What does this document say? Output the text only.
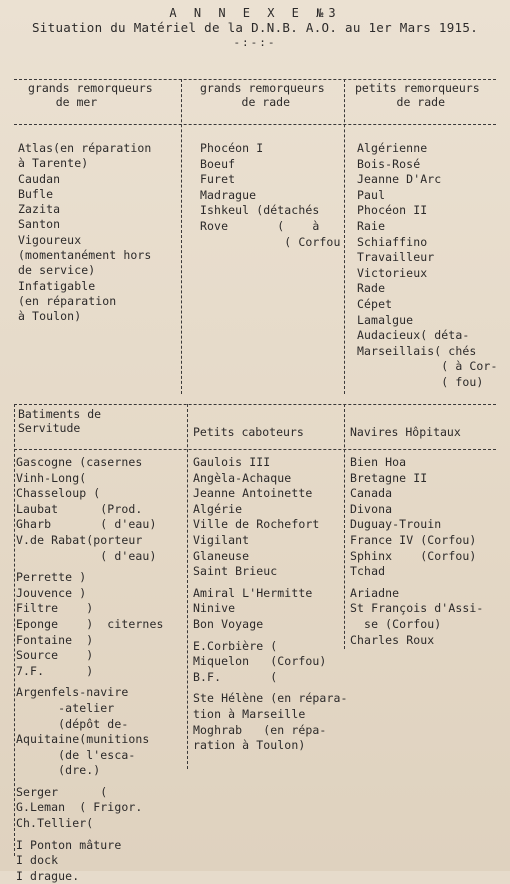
A N N E X E №3
Situation du Matériel de la D.N.B. A.O. au 1er Mars 1915.
-:-:-
grands remorqueurs
de mer
grands remorqueurs
de rade
petits remorqueurs
de rade
Atlas(en réparation
à Tarente)
Caudan
Bufle
Zazita
Santon
Vigoureux
(momentanément hors
de service)
Infatigable
(en réparation
à Toulon)
Phocéon I
Boeuf
Furet
Madrague
Ishkeul (détachés
Rove       (    à
( Corfou
Algérienne
Bois-Rosé
Jeanne D'Arc
Paul
Phocéon II
Raie
Schiaffino
Travailleur
Victorieux
Rade
Cépet
Lamalgue
Audacieux( déta-
Marseillais( chés
( à Cor-
( fou)
Batiments de
Servitude	Petits caboteurs	Navires Hôpitaux
Gascogne (casernes
Vinh-Long(
Chasseloup (
Laubat      (Prod.
Gharb       ( d'eau)
V.de Rabat(porteur
( d'eau)
Perrette )
Jouvence )
Filtre    )
Eponge    )  citernes
Fontaine  )
Source    )
7.F.      )
Argenfels-navire
-atelier
(dépôt de-
Aquitaine(munitions
(de l'esca-
(dre.)
Serger      (
G.Leman  ( Frigor.
Ch.Tellier(
I Ponton mâture
I dock
I drague.
Gaulois III
Angèla-Achaque
Jeanne Antoinette
Algérie
Ville de Rochefort
Vigilant
Glaneuse
Saint Brieuc
Amiral L'Hermitte
Ninive
Bon Voyage
E.Corbière (
Miquelon   (Corfou)
B.F.       (
Ste Hélène (en répara-
tion à Marseille
Moghrab   (en répa-
ration à Toulon)
Bien Hoa
Bretagne II
Canada
Divona
Duguay-Trouin
France IV (Corfou)
Sphinx    (Corfou)
Tchad
Ariadne
St François d'Assi-
se (Corfou)
Charles Roux
